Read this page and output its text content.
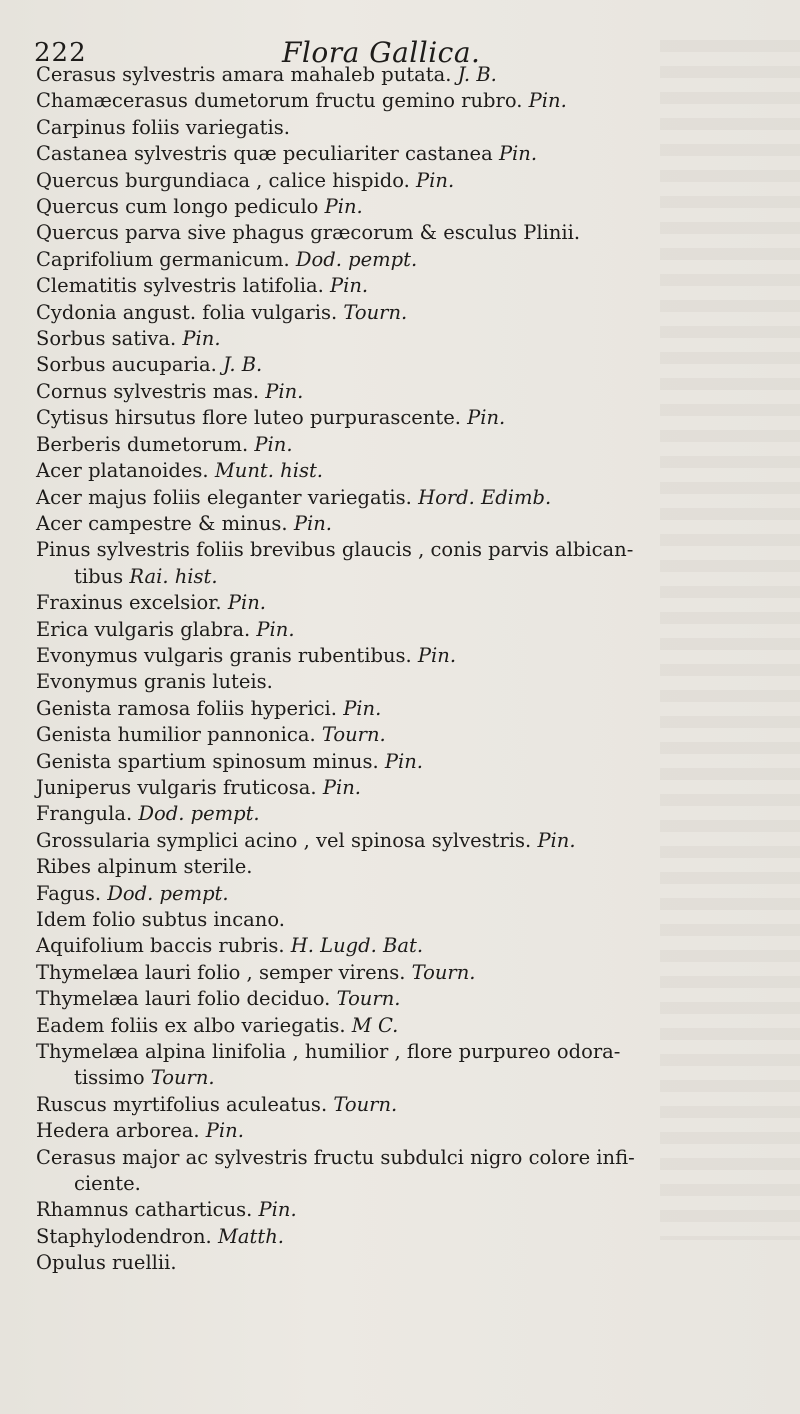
222	Flora Gallica.
Cerasus sylvestris amara mahaleb putata. J. B.
Chamæcerasus dumetorum fructu gemino rubro. Pin.
Carpinus foliis variegatis.
Castanea sylvestris quæ peculiariter castanea Pin.
Quercus burgundiaca , calice hispido. Pin.
Quercus cum longo pediculo Pin.
Quercus parva sive phagus græcorum & esculus Plinii.
Caprifolium germanicum. Dod. pempt.
Clematitis sylvestris latifolia. Pin.
Cydonia angust. folia vulgaris. Tourn.
Sorbus sativa. Pin.
Sorbus aucuparia. J. B.
Cornus sylvestris mas. Pin.
Cytisus hirsutus flore luteo purpurascente. Pin.
Berberis dumetorum. Pin.
Acer platanoides. Munt. hist.
Acer majus foliis eleganter variegatis. Hord. Edimb.
Acer campestre & minus. Pin.
Pinus sylvestris foliis brevibus glaucis , conis parvis albican-
tibus Rai. hist.
Fraxinus excelsior. Pin.
Erica vulgaris glabra. Pin.
Evonymus vulgaris granis rubentibus. Pin.
Evonymus granis luteis.
Genista ramosa foliis hyperici. Pin.
Genista humilior pannonica. Tourn.
Genista spartium spinosum minus. Pin.
Juniperus vulgaris fruticosa. Pin.
Frangula. Dod. pempt.
Grossularia symplici acino , vel spinosa sylvestris. Pin.
Ribes alpinum sterile.
Fagus. Dod. pempt.
Idem folio subtus incano.
Aquifolium baccis rubris. H. Lugd. Bat.
Thymelæa lauri folio , semper virens. Tourn.
Thymelæa lauri folio deciduo. Tourn.
Eadem foliis ex albo variegatis. M C.
Thymelæa alpina linifolia , humilior , flore purpureo odora-
tissimo Tourn.
Ruscus myrtifolius aculeatus. Tourn.
Hedera arborea. Pin.
Cerasus major ac sylvestris fructu subdulci nigro colore infi-
ciente.
Rhamnus catharticus. Pin.
Staphylodendron. Matth.
Opulus ruellii.
